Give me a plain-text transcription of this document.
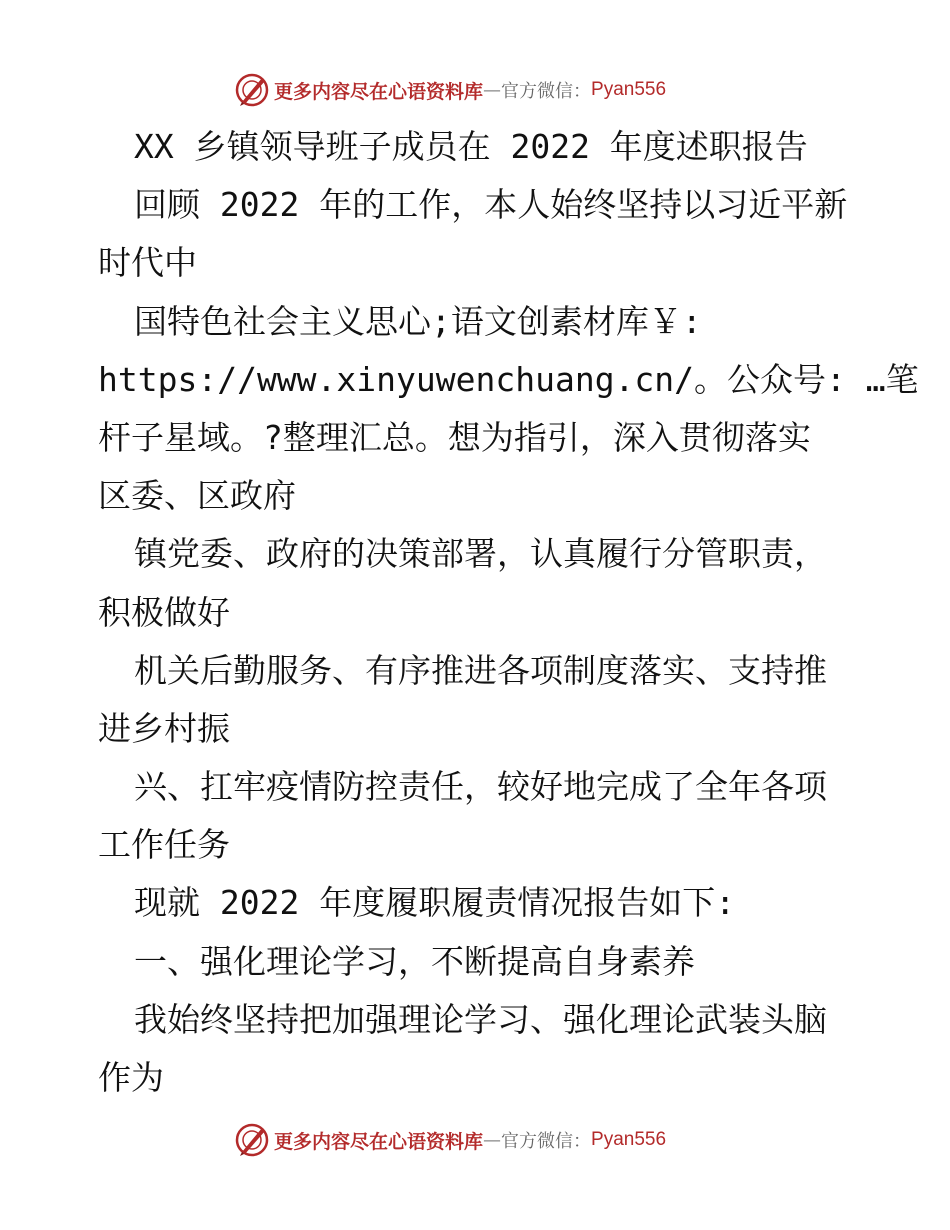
更多内容尽在心语资料库 — 官方微信： Pyan556
XX 乡镇领导班子成员在 2022 年度述职报告
回顾 2022 年的工作，本人始终坚持以习近平新
时代中
国特色社会主义思心;语文创素材库￥:
https://www.xinyuwenchuang.cn/。公众号: …笔
杆子星域。?整理汇总。想为指引，深入贯彻落实
区委、区政府
镇党委、政府的决策部署，认真履行分管职责，
积极做好
机关后勤服务、有序推进各项制度落实、支持推
进乡村振
兴、扛牢疫情防控责任，较好地完成了全年各项
工作任务
现就 2022 年度履职履责情况报告如下:
一、强化理论学习，不断提高自身素养
我始终坚持把加强理论学习、强化理论武装头脑
作为
更多内容尽在心语资料库 — 官方微信： Pyan556
